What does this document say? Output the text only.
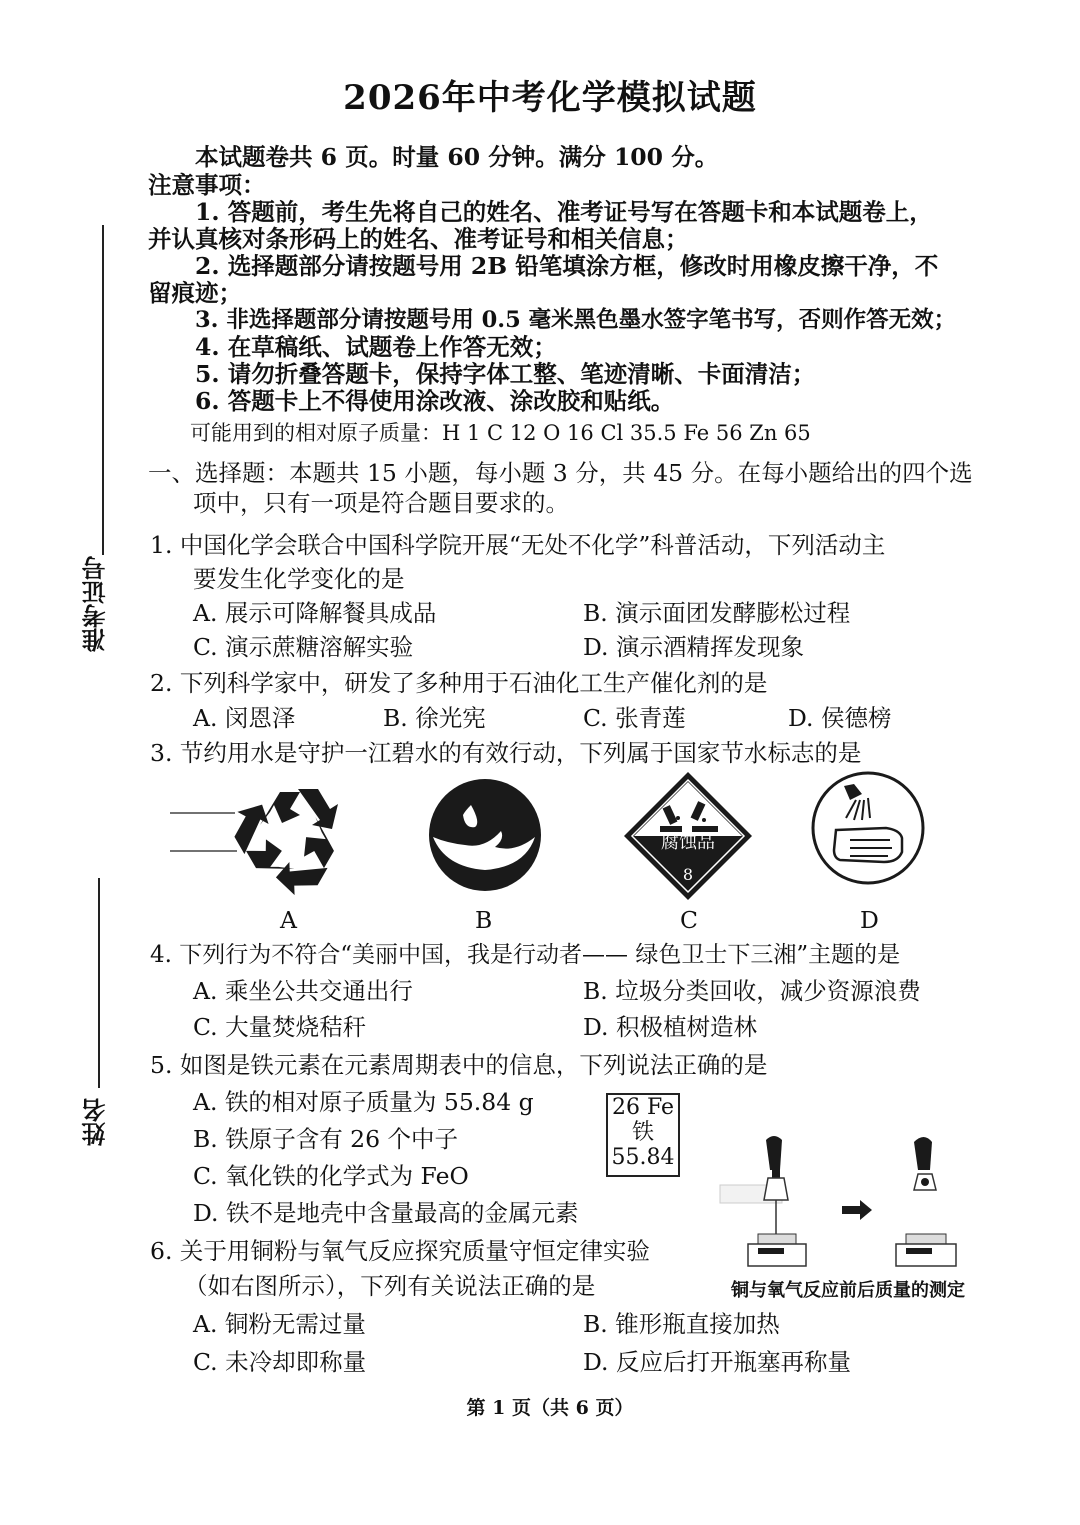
2026年中考化学模拟试题
本试题卷共 6 页。时量 60 分钟。满分 100 分。
注意事项：
1. 答题前，考生先将自己的姓名、准考证号写在答题卡和本试题卷上，
并认真核对条形码上的姓名、准考证号和相关信息；
2. 选择题部分请按题号用 2B 铅笔填涂方框，修改时用橡皮擦干净，不
留痕迹；
3. 非选择题部分请按题号用 0.5 毫米黑色墨水签字笔书写，否则作答无效；
4. 在草稿纸、试题卷上作答无效；
5. 请勿折叠答题卡，保持字体工整、笔迹清晰、卡面清洁；
6. 答题卡上不得使用涂改液、涂改胶和贴纸。
可能用到的相对原子质量：H 1 C 12 O 16 Cl 35.5 Fe 56 Zn 65
一、选择题：本题共 15 小题，每小题 3 分，共 45 分。在每小题给出的四个选
项中，只有一项是符合题目要求的。
1. 中国化学会联合中国科学院开展“无处不化学”科普活动，下列活动主
要发生化学变化的是
A. 展示可降解餐具成品	B. 演示面团发酵膨松过程
C. 演示蔗糖溶解实验	D. 演示酒精挥发现象
2. 下列科学家中，研发了多种用于石油化工生产催化剂的是
A. 闵恩泽	B. 徐光宪	C. 张青莲	D. 侯德榜
3. 节约用水是守护一江碧水的有效行动，下列属于国家节水标志的是
腐蚀品
8
A	B	C	D
4. 下列行为不符合“美丽中国，我是行动者—— 绿色卫士下三湘”主题的是
A. 乘坐公共交通出行	B. 垃圾分类回收，减少资源浪费
C. 大量焚烧秸秆	D. 积极植树造林
5. 如图是铁元素在元素周期表中的信息，下列说法正确的是
A. 铁的相对原子质量为 55.84 g
B. 铁原子含有 26 个中子
C. 氧化铁的化学式为 FeO
D. 铁不是地壳中含量最高的金属元素
26 Fe
铁
55.84
6. 关于用铜粉与氧气反应探究质量守恒定律实验
（如右图所示），下列有关说法正确的是	铜与氧气反应前后质量的测定
A. 铜粉无需过量	B. 锥形瓶直接加热
C. 未冷却即称量	D. 反应后打开瓶塞再称量
第 1 页（共 6 页）
准考证号
姓名
